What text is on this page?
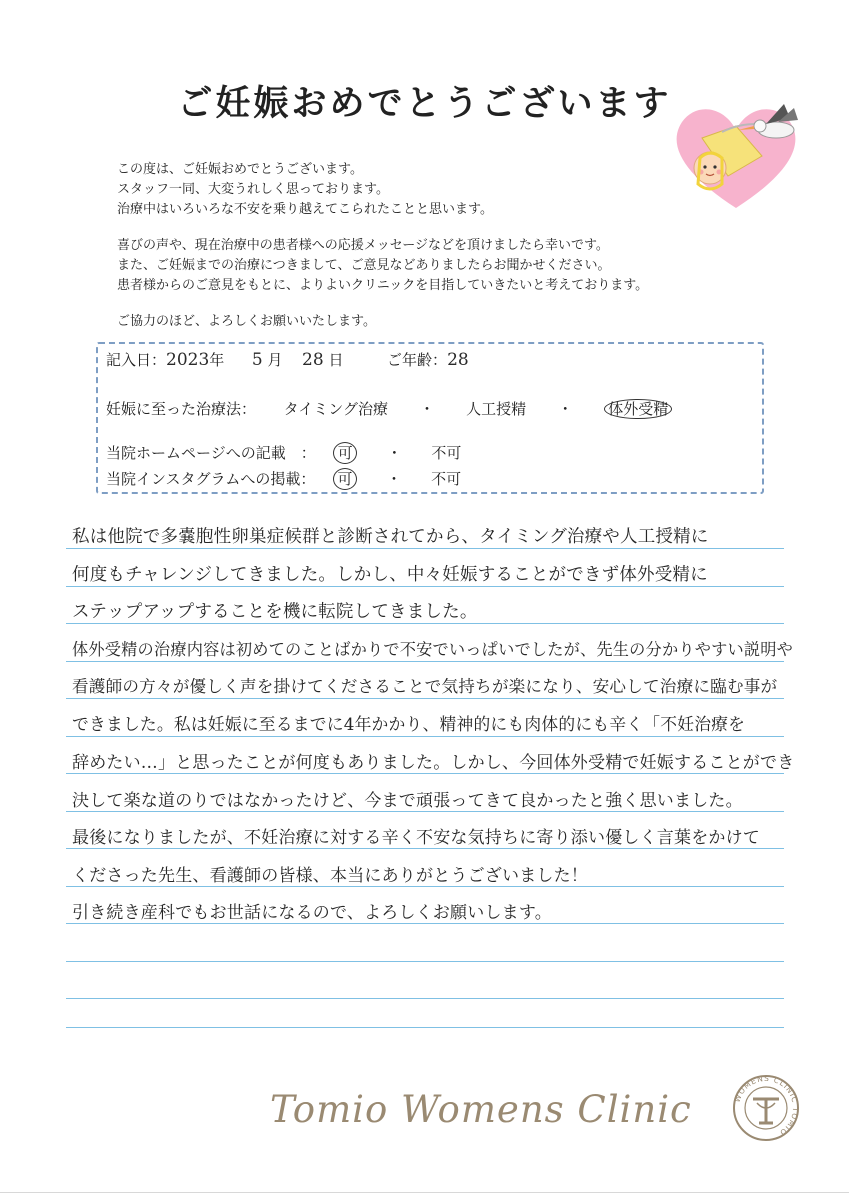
ご妊娠おめでとうございます

この度は、ご妊娠おめでとうございます。

スタッフ一同、大変うれしく思っております。

治療中はいろいろな不安を乗り越えてこられたことと思います。

喜びの声や、現在治療中の患者様への応援メッセージなどを頂けましたら幸いです。

また、ご妊娠までの治療につきまして、ご意見などありましたらお聞かせください。

患者様からのご意見をもとに、よりよいクリニックを目指していきたいと考えております。

ご協力のほど、よろしくお願いいたします。

記入日：2023年 5 月 28 日	ご年齢：28
妊娠に至った治療法： タイミング治療 ・ 人工授精 ・ 体外受精
当院ホームページへの記載　： 可 ・ 不可
当院インスタグラムへの掲載： 可 ・ 不可
私は他院で多嚢胞性卵巣症候群と診断されてから、タイミング治療や人工授精に
何度もチャレンジしてきました。しかし、中々妊娠することができず体外受精に
ステップアップすることを機に転院してきました。
体外受精の治療内容は初めてのことばかりで不安でいっぱいでしたが、先生の分かりやすい説明や
看護師の方々が優しく声を掛けてくださることで気持ちが楽になり、安心して治療に臨む事が
できました。私は妊娠に至るまでに4年かかり、精神的にも肉体的にも辛く「不妊治療を
辞めたい…」と思ったことが何度もありました。しかし、今回体外受精で妊娠することができ
決して楽な道のりではなかったけど、今まで頑張ってきて良かったと強く思いました。
最後になりましたが、不妊治療に対する辛く不安な気持ちに寄り添い優しく言葉をかけて
くださった先生、看護師の皆様、本当にありがとうございました！
引き続き産科でもお世話になるので、よろしくお願いします。
Tomio Womens Clinic	WOMENS CLINIC TOMIO
